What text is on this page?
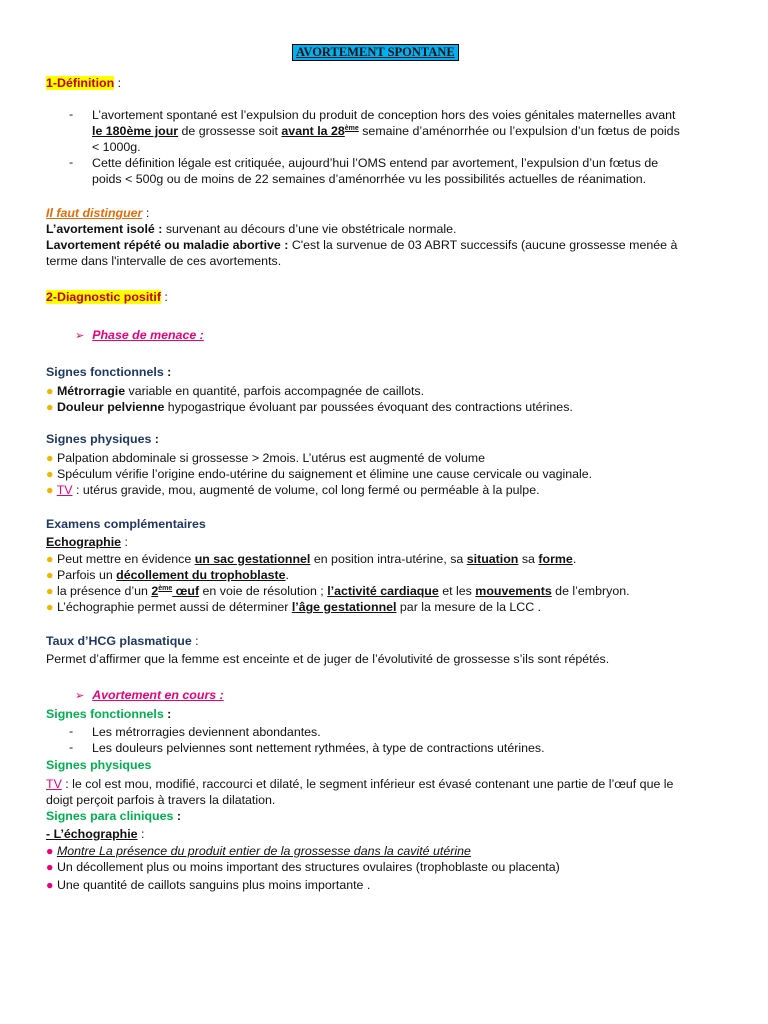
AVORTEMENT SPONTANE
1-Définition :
- L’avortement spontané est l’expulsion du produit de conception hors des voies génitales maternelles avant
le 180ème jour de grossesse soit avant la 28ème semaine d’aménorrhée ou l’expulsion d’un fœtus de poids
< 1000g.
- Cette définition légale est critiquée, aujourd’hui l’OMS entend par avortement, l’expulsion d’un fœtus de
poids < 500g ou de moins de 22 semaines d’aménorrhée vu les possibilités actuelles de réanimation.
Il faut distinguer :
L’avortement isolé : survenant au décours d’une vie obstétricale normale.
Lavortement répété ou maladie abortive : C'est la survenue de 03 ABRT successifs (aucune grossesse menée à
terme dans l'intervalle de ces avortements.
2-Diagnostic positif :
➢ Phase de menace :
Signes fonctionnels :
● Métrorragie variable en quantité, parfois accompagnée de caillots.
● Douleur pelvienne hypogastrique évoluant par poussées évoquant des contractions utérines.
Signes physiques :
● Palpation abdominale si grossesse > 2mois. L’utérus est augmenté de volume
● Spéculum vérifie l’origine endo-utérine du saignement et élimine une cause cervicale ou vaginale.
● TV : utérus gravide, mou, augmenté de volume, col long fermé ou perméable à la pulpe.
Examens complémentaires
Echographie :
● Peut mettre en évidence un sac gestationnel en position intra-utérine, sa situation sa forme.
● Parfois un décollement du trophoblaste.
● la présence d’un 2ème œuf en voie de résolution ; l’activité cardiaque et les mouvements de l’embryon.
● L’échographie permet aussi de déterminer l’âge gestationnel par la mesure de la LCC .
Taux d’HCG plasmatique :
Permet d’affirmer que la femme est enceinte et de juger de l’évolutivité de grossesse s’ils sont répétés.
➢ Avortement en cours :
Signes fonctionnels :
- Les métrorragies deviennent abondantes.
- Les douleurs pelviennes sont nettement rythmées, à type de contractions utérines.
Signes physiques
TV : le col est mou, modifié, raccourci et dilaté, le segment inférieur est évasé contenant une partie de l’œuf que le
doigt perçoit parfois à travers la dilatation.
Signes para cliniques :
- L’échographie :
● Montre La présence du produit entier de la grossesse dans la cavité utérine
● Un décollement plus ou moins important des structures ovulaires (trophoblaste ou placenta)
● Une quantité de caillots sanguins plus moins importante .
